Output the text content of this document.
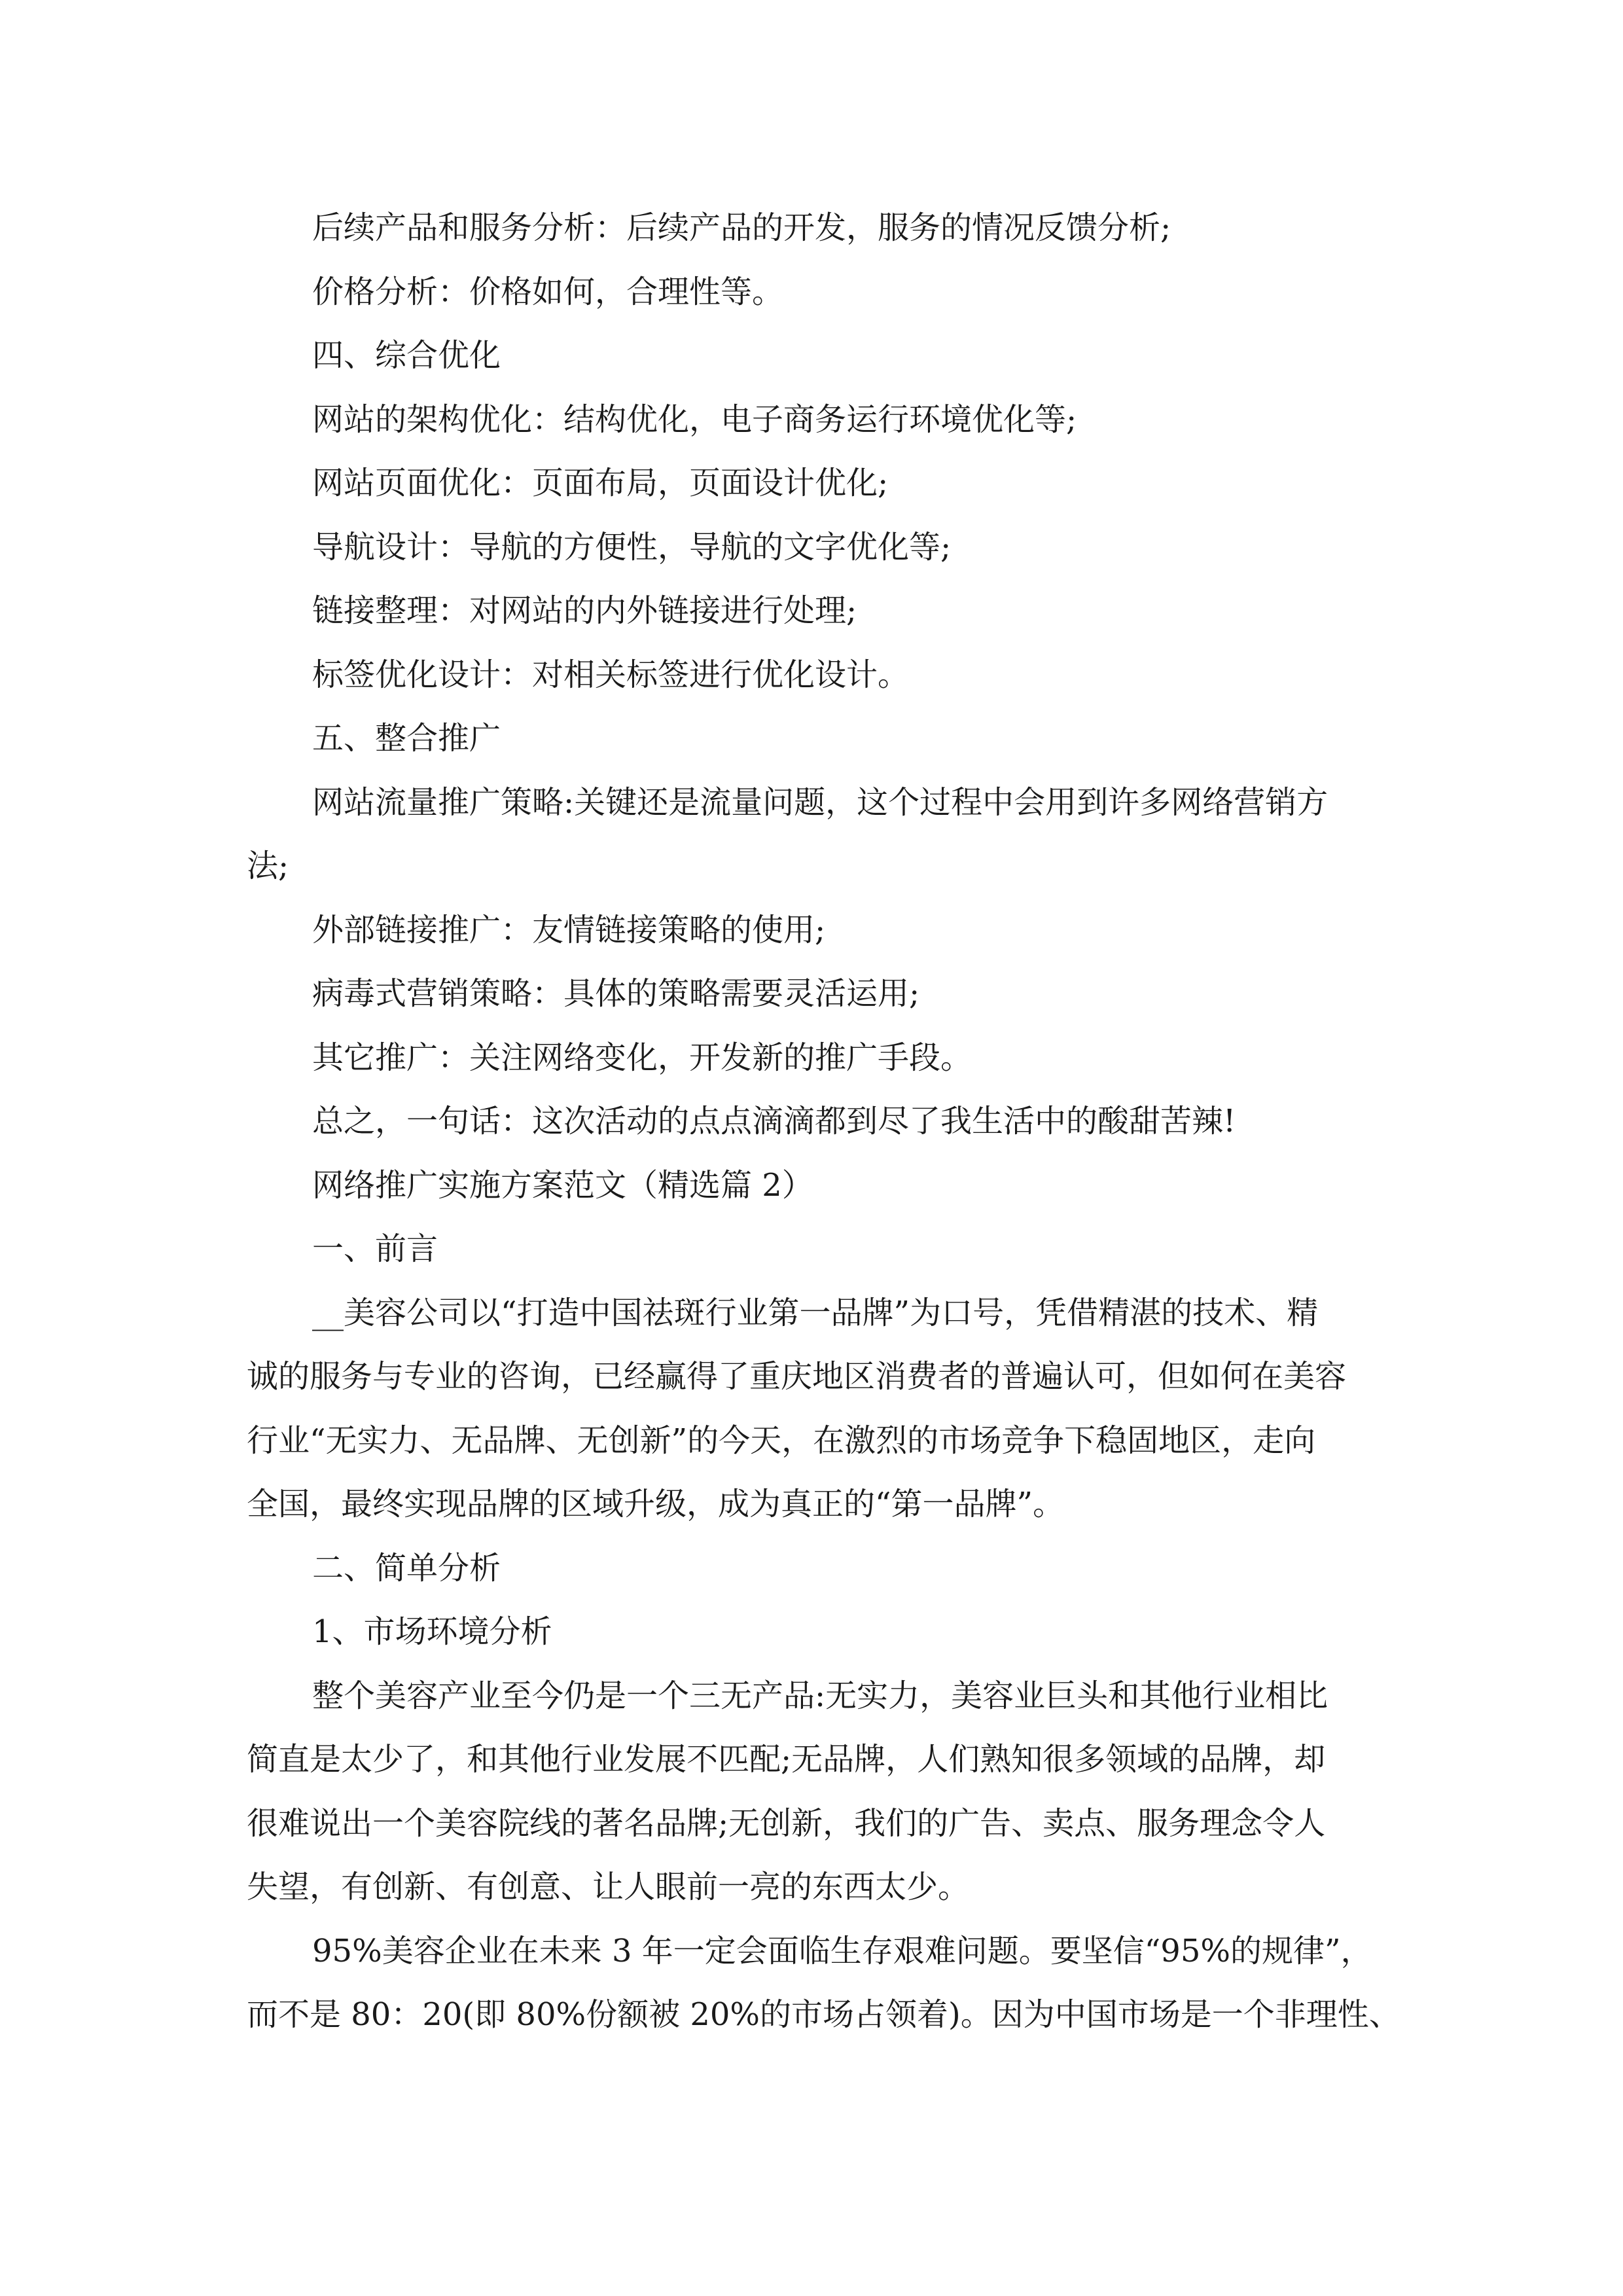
后续产品和服务分析：后续产品的开发，服务的情况反馈分析;

价格分析：价格如何，合理性等。

四、综合优化

网站的架构优化：结构优化，电子商务运行环境优化等;

网站页面优化：页面布局，页面设计优化;

导航设计：导航的方便性，导航的文字优化等;

链接整理：对网站的内外链接进行处理;

标签优化设计：对相关标签进行优化设计。

五、整合推广

网站流量推广策略:关键还是流量问题，这个过程中会用到许多网络营销方

法;

外部链接推广：友情链接策略的使用;

病毒式营销策略：具体的策略需要灵活运用;

其它推广：关注网络变化，开发新的推广手段。

总之，一句话：这次活动的点点滴滴都到尽了我生活中的酸甜苦辣!

网络推广实施方案范文（精选篇 2）

一、前言

__美容公司以“打造中国祛斑行业第一品牌”为口号，凭借精湛的技术、精

诚的服务与专业的咨询，已经赢得了重庆地区消费者的普遍认可，但如何在美容

行业“无实力、无品牌、无创新”的今天，在激烈的市场竞争下稳固地区，走向

全国，最终实现品牌的区域升级，成为真正的“第一品牌”。

二、简单分析

1、市场环境分析

整个美容产业至今仍是一个三无产品:无实力，美容业巨头和其他行业相比

简直是太少了，和其他行业发展不匹配;无品牌，人们熟知很多领域的品牌，却

很难说出一个美容院线的著名品牌;无创新，我们的广告、卖点、服务理念令人

失望，有创新、有创意、让人眼前一亮的东西太少。

95%美容企业在未来 3 年一定会面临生存艰难问题。要坚信“95%的规律”，

而不是 80：20(即 80%份额被 20%的市场占领着)。因为中国市场是一个非理性、
